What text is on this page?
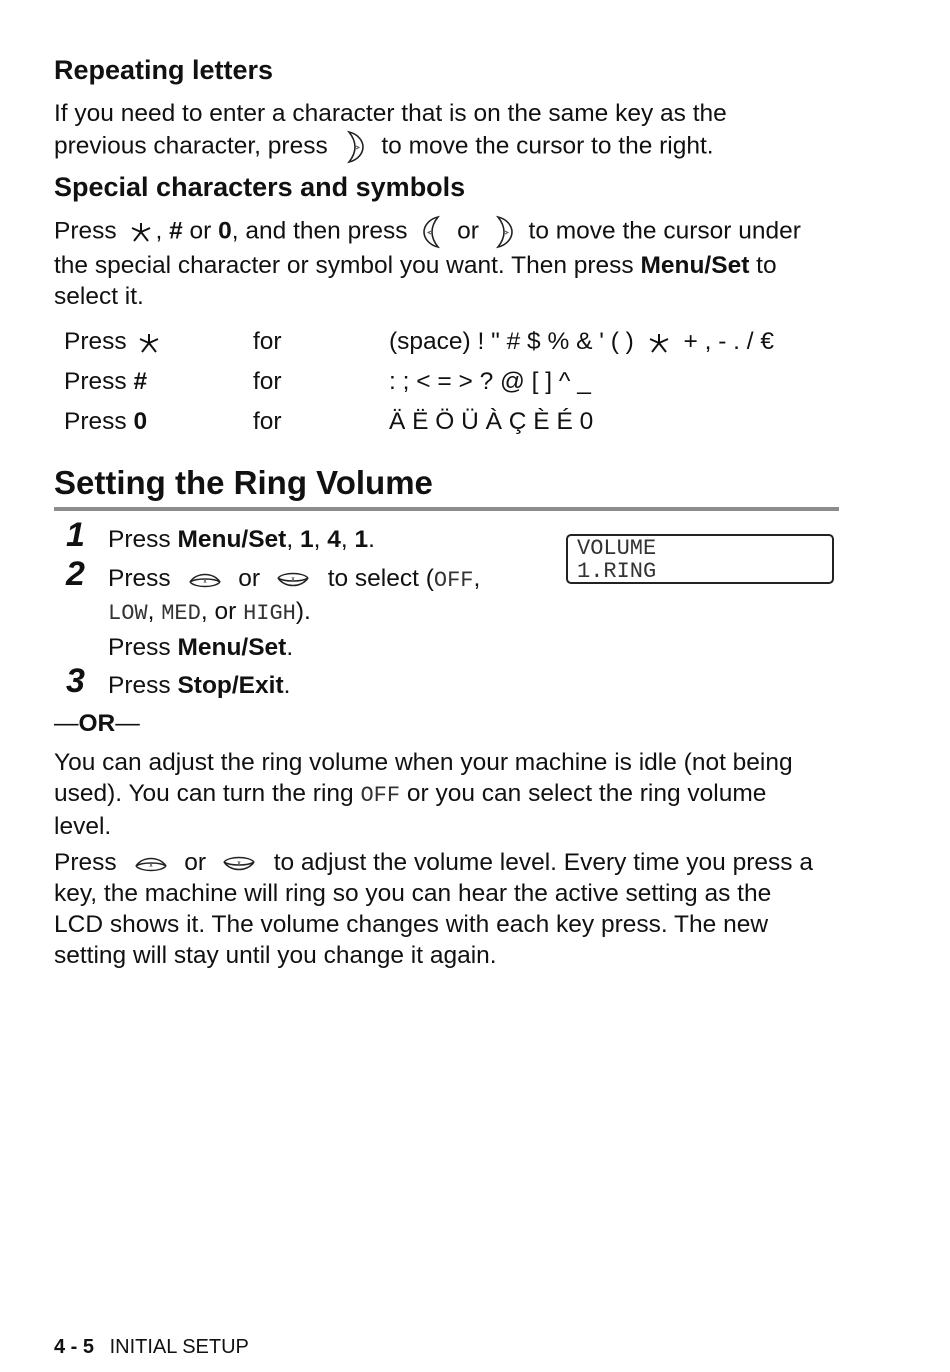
Repeating letters
If you need to enter a character that is on the same key as the
previous character, press to move the cursor to the right.
Special characters and symbols
Press , # or 0, and then press or to move the cursor under
the special character or symbol you want. Then press Menu/Set to
select it.
Press	for	(space) ! " # $ % & ' ( ) + , - . / €
Press #	for	: ; < = > ? @ [ ] ^ _
Press 0	for	Ä Ë Ö Ü À Ç È É 0
Setting the Ring Volume
1 Press Menu/Set, 1, 4, 1.	VOLUME
1.RING
2 Press	or	to select (OFF,
LOW, MED, or HIGH).
Press Menu/Set.
3 Press Stop/Exit.
—OR—
You can adjust the ring volume when your machine is idle (not being
used). You can turn the ring OFF or you can select the ring volume
level.
Press	or	to adjust the volume level. Every time you press a
key, the machine will ring so you can hear the active setting as the
LCD shows it. The volume changes with each key press. The new
setting will stay until you change it again.
4 - 5 INITIAL SETUP
